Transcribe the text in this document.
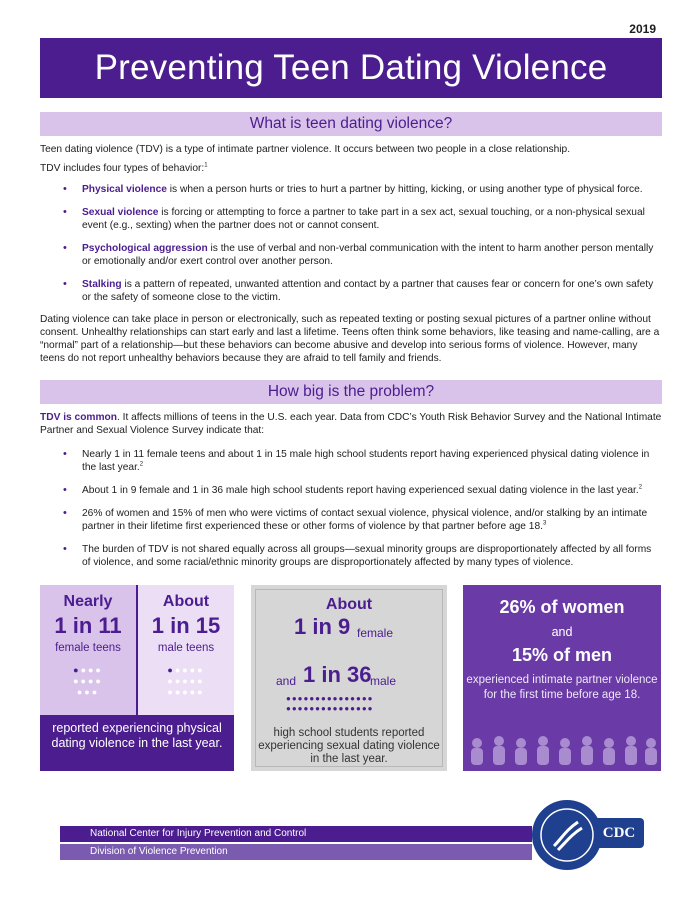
2019
Preventing Teen Dating Violence
What is teen dating violence?
Teen dating violence (TDV) is a type of intimate partner violence. It occurs between two people in a close relationship.
TDV includes four types of behavior:$^1$
• Physical violence is when a person hurts or tries to hurt a partner by hitting, kicking, or using another type of physical force.
• Sexual violence is forcing or attempting to force a partner to take part in a sex act, sexual touching, or a non-physical sexual event (e.g., sexting) when the partner does not or cannot consent.
• Psychological aggression is the use of verbal and non-verbal communication with the intent to harm another person mentally or emotionally and/or exert control over another person.
• Stalking is a pattern of repeated, unwanted attention and contact by a partner that causes fear or concern for one’s own safety or the safety of someone close to the victim.
Dating violence can take place in person or electronically, such as repeated texting or posting sexual pictures of a partner online without consent. Unhealthy relationships can start early and last a lifetime. Teens often think some behaviors, like teasing and name-calling, are a “normal” part of a relationship—but these behaviors can become abusive and develop into serious forms of violence. However, many teens do not report unhealthy behaviors because they are afraid to tell family and friends.
How big is the problem?
TDV is common. It affects millions of teens in the U.S. each year. Data from CDC’s Youth Risk Behavior Survey and the National Intimate Partner and Sexual Violence Survey indicate that:
• Nearly 1 in 11 female teens and about 1 in 15 male high school students report having experienced physical dating violence in the last year.$^2$
• About 1 in 9 female and 1 in 36 male high school students report having experienced sexual dating violence in the last year.$^2$
• 26% of women and 15% of men who were victims of contact sexual violence, physical violence, and/or stalking by an intimate partner in their lifetime first experienced these or other forms of violence by that partner before age 18.$^3$
• The burden of TDV is not shared equally across all groups—sexual minority groups are disproportionately affected by all forms of violence, and some racial/ethnic minority groups are disproportionately affected by many types of violence.
Nearly
1 in 11
female teens
●●●●
●●●●
●●●
About
1 in 15
male teens
●●●●●
●●●●●
●●●●●
reported experiencing physical dating violence in the last year.
About
1 in 9 female
and 1 in 36
male
●●●●●●●●●●●●●●●
●●●●●●●●●●●●●●●
high school students reported experiencing sexual dating violence in the last year.
26% of women
and
15% of men
experienced intimate partner violence for the first time before age 18.
National Center for Injury Prevention and Control
Division of Violence Prevention
CDC
